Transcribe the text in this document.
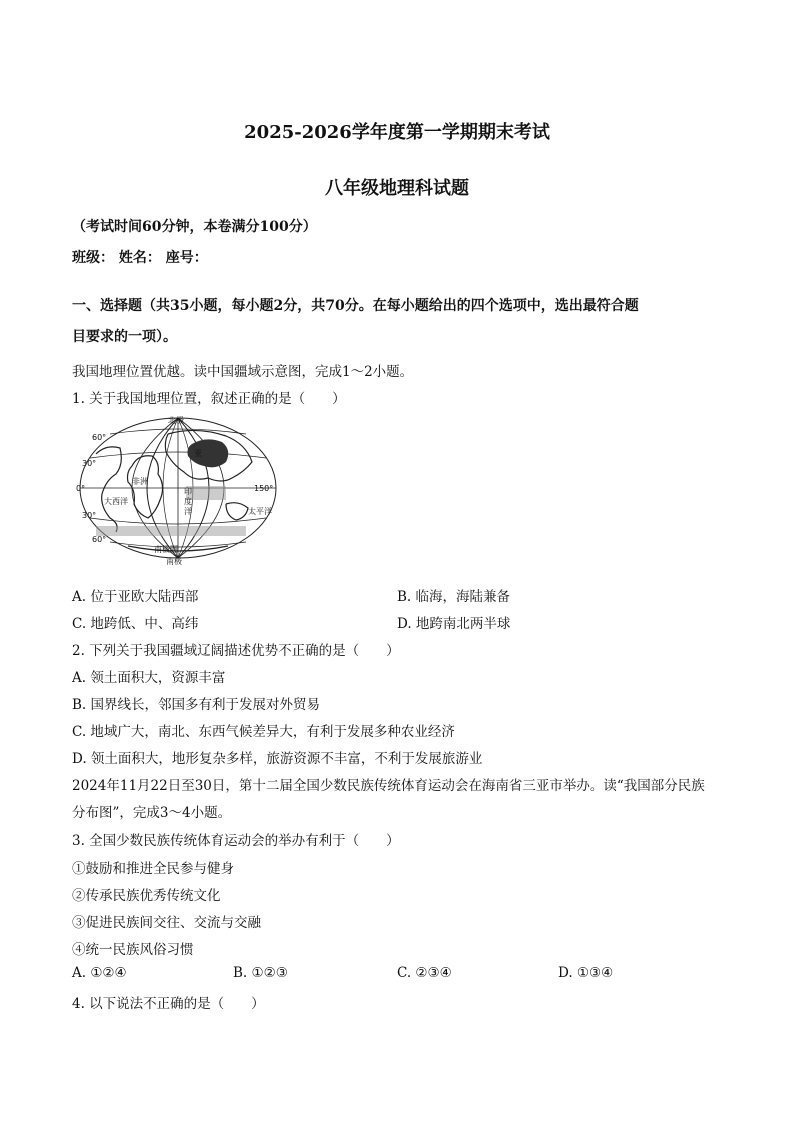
2025-2026学年度第一学期期末考试
八年级地理科试题
（考试时间60分钟，本卷满分100分）
班级： 姓名： 座号：
一、选择题（共35小题，每小题2分，共70分。在每小题给出的四个选项中，选出最符合题
目要求的一项）。
我国地理位置优越。读中国疆域示意图，完成1～2小题。
1. 关于我国地理位置，叙述正确的是（　　）
北极
60°
30°
0°
30°
60°
150°
亚
非洲
印
度
洋
大西洋
太平洋
南极圈
南极
A. 位于亚欧大陆西部	B. 临海，海陆兼备
C. 地跨低、中、高纬	D. 地跨南北两半球
2. 下列关于我国疆域辽阔描述优势不正确的是（　　）
A. 领土面积大，资源丰富
B. 国界线长，邻国多有利于发展对外贸易
C. 地域广大，南北、东西气候差异大，有利于发展多种农业经济
D. 领土面积大，地形复杂多样，旅游资源不丰富，不利于发展旅游业
2024年11月22日至30日，第十二届全国少数民族传统体育运动会在海南省三亚市举办。读“我国部分民族
分布图”，完成3～4小题。
3. 全国少数民族传统体育运动会的举办有利于（　　）
①鼓励和推进全民参与健身
②传承民族优秀传统文化
③促进民族间交往、交流与交融
④统一民族风俗习惯
A. ①②④	B. ①②③	C. ②③④	D. ①③④
4. 以下说法不正确的是（　　）
